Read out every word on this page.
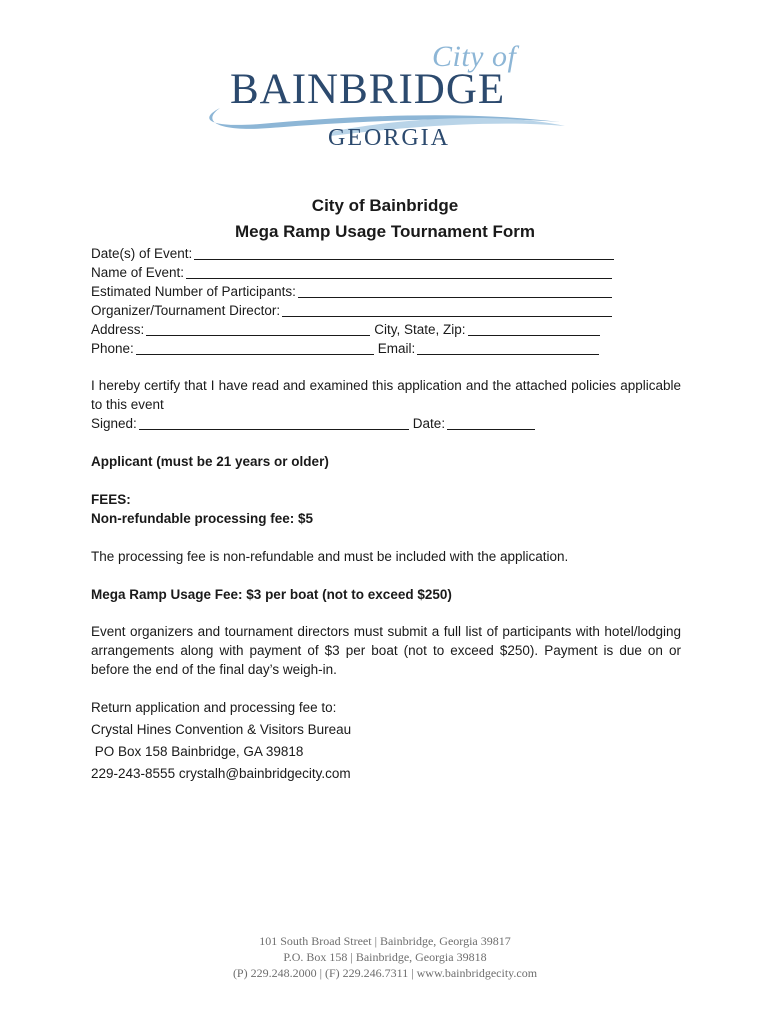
City of
BAINBRIDGE
GEORGIA
City of Bainbridge
Mega Ramp Usage Tournament Form
Date(s) of Event:
Name of Event:
Estimated Number of Participants:
Organizer/Tournament Director:
Address:	City, State, Zip:
Phone:	Email:
I hereby certify that I have read and examined this application and the attached policies applicable to this event
Signed:	Date:
Applicant (must be 21 years or older)
FEES:
Non-refundable processing fee: $5
The processing fee is non-refundable and must be included with the application.
Mega Ramp Usage Fee: $3 per boat (not to exceed $250)
Event organizers and tournament directors must submit a full list of participants with hotel/lodging arrangements along with payment of $3 per boat (not to exceed $250). Payment is due on or before the end of the final day’s weigh-in.
Return application and processing fee to:
Crystal Hines Convention & Visitors Bureau
PO Box 158 Bainbridge, GA 39818
229-243-8555 crystalh@bainbridgecity.com
101 South Broad Street | Bainbridge, Georgia 39817
P.O. Box 158 | Bainbridge, Georgia 39818
(P) 229.248.2000 | (F) 229.246.7311 | www.bainbridgecity.com
